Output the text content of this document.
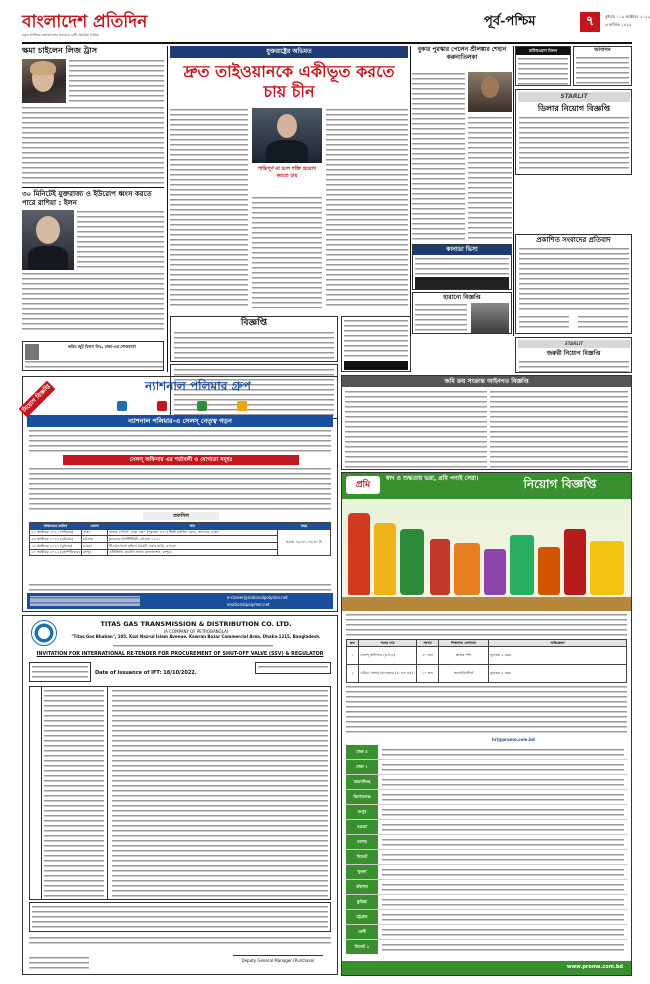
বাংলাদেশ প্রতিদিন
নতুন আঙ্গিকে বাংলাদেশের সবচেয়ে বেশি প্রচারিত দৈনিক
পূর্ব-পশ্চিম	৭	বুধবার । ১৯ অক্টোবর ২০২২
৩ কার্তিক ১৪২৯
ক্ষমা চাইলেন লিজ ট্রাস
৩০ মিনিটেই যুক্তরাজ্য ও ইউরোপ ধ্বংস করতে পারে রাশিয়া : ইলন
করিম জুট মিলস লিঃ, ঢাকা-এর শোকবার্তা
যুক্তরাষ্ট্রের অভিমত
দ্রুত তাইওয়ানকে একীভূত করতে চায় চীন
শান্তিপূর্ণ না হলে শক্তি প্রয়োগ করতে চায়
বুকার পুরস্কার পেলেন শ্রীলঙ্কার শেহান করুনাতিলকা
মাউথওয়াশ মিলন	আবাসন
STARLIT
ডিলার নিয়োগ বিজ্ঞপ্তি
প্রকাশিত সংবাদের প্রতিবাদ
কানাডা ভিসা
হারানো বিজ্ঞপ্তি
বিজ্ঞপ্তি
জমি ক্রয় সংক্রান্ত আইনগত বিজ্ঞপ্তি
STARLIT
জরুরী নিয়োগ বিজ্ঞপ্তি
নিয়োগ বিজ্ঞপ্তি	ন্যাশনাল পলিমার গ্রুপ
ন্যাশনাল পলিমার-এ সেলস্ নেতৃত্ব গড়ন
সেলস্ অফিসার এর শর্তাবলী ও যোগ্যতা সমূহঃ
তফসিল
সাক্ষাতের তারিখ	জেলা	স্থান	সময়
২২ অক্টোবর ২০২২ (শনিবার)	ঢাকা	খাতক পেপার্স, ঢাকা ৩৩০ (পুরাতন ৫৫০) শিল্পী মসজিদ রোড, আদাবর, ঢাকা।	সকাল ০৯:৩০-০৪:৩০ টা
২৩ অক্টোবর ২০২২ (রবিবার)	চট্টগ্রাম	ফ্লাওয়ার ইনস্টিটিউট, চট্টগ্রাম ১২২।	
২৬ অক্টোবর ২০২২ (বুধবার)	বগুড়া	টিএমএসএস মহিলা মার্কেট, নবাব বাড়ি, বগুড়া।	
২৭ অক্টোবর ২০২২ (বৃহস্পতিবার)	রংপুর	এসিজিডি হোটেল অ্যান্ড কনভেনশন, রংপুর।	
e-career@nationalpolymer.net
enationalpolymer.net
TITAS GAS TRANSMISSION & DISTRIBUTION CO. LTD.
(A COMPANY OF PETROBANGLA)
"Titas Gas Bhaban", 105, Kazi Nazrul Islam Avenue, Kawran Bazar Commercial Area, Dhaka-1215, Bangladesh.
INVITATION FOR INTERNATIONAL RE-TENDER FOR PROCUREMENT OF SHUT-OFF VALVE (SSV) & REGULATOR
Date of Issuance of IFT: 18/10/2022.
Deputy General Manager (Purchase)
প্রমি
স্বাদ ও শুদ্ধতায় ভরা, প্রমি পণ্যই সেরা।	নিয়োগ বিজ্ঞপ্তি
ক্রঃ	পদের নাম	সংখ্যা	শিক্ষাগত যোগ্যতা	অভিজ্ঞতা
১	সেলস্ অফিসার (এস.ও)	২০ জন	স্নাতক পাশ	ন্যূনতম ২ বছর
২	এরিয়া সেলস্ ম্যানেজার (এ.এস.এম)	১০ জন	অনার্স/মাস্টার্স	ন্যূনতম ৫ বছর
hrl@prome.com.bd
ঢাকা ৪
ঢাকা ৭
ময়মনসিংহ
কিশোরগঞ্জ
রংপুর
বগুড়া
যশোর
সিলেট
খুলনা
বরিশাল
কুমিল্লা
চট্টগ্রাম
ফেনী
সিলেট ২
www.prome.com.bd
